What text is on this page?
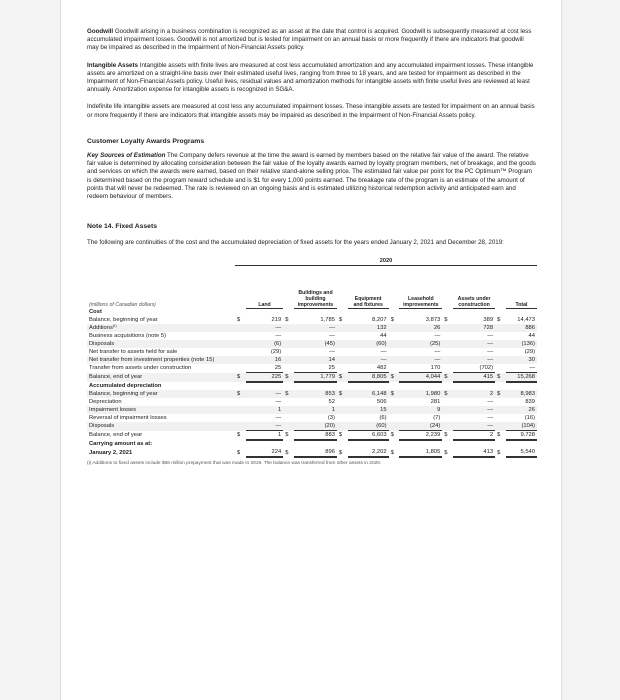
Goodwill Goodwill arising in a business combination is recognized as an asset at the date that control is acquired. Goodwill is subsequently measured at cost less accumulated impairment losses. Goodwill is not amortized but is tested for impairment on an annual basis or more frequently if there are indicators that goodwill may be impaired as described in the Impairment of Non-Financial Assets policy.

Intangible Assets Intangible assets with finite lives are measured at cost less accumulated amortization and any accumulated impairment losses. These intangible assets are amortized on a straight-line basis over their estimated useful lives, ranging from three to 18 years, and are tested for impairment as described in the Impairment of Non-Financial Assets policy. Useful lives, residual values and amortization methods for intangible assets with finite useful lives are reviewed at least annually. Amortization expense for intangible assets is recognized in SG&A.

Indefinite life intangible assets are measured at cost less any accumulated impairment losses. These intangible assets are tested for impairment on an annual basis or more frequently if there are indicators that intangible assets may be impaired as described in the Impairment of Non-Financial Assets policy.

Customer Loyalty Awards Programs

Key Sources of Estimation The Company defers revenue at the time the award is earned by members based on the relative fair value of the award. The relative fair value is determined by allocating consideration between the fair value of the loyalty awards earned by loyalty program members, net of breakage, and the goods and services on which the awards were earned, based on their relative stand-alone selling price. The estimated fair value per point for the PC Optimum™ Program is determined based on the program reward schedule and is $1 for every 1,000 points earned. The breakage rate of the program is an estimate of the amount of points that will never be redeemed. The rate is reviewed on an ongoing basis and is estimated utilizing historical redemption activity and anticipated earn and redeem behaviour of members.

Note 14. Fixed Assets

The following are continuities of the cost and the accumulated depreciation of fixed assets for the years ended January 2, 2021 and December 28, 2019:

	2020											

(millions of Canadian dollars)		Land		Buildings and building improvements		Equipment and fixtures		Leasehold improvements		Assets under construction		Total
Cost												
Balance, beginning of year	$	219	$	1,785	$	8,207	$	3,873	$	389	$	14,473
Additions⁽ⁱ⁾		—		—		132		26		728		886
Business acquisitions (note 5)		—		—		44		—		—		44
Disposals		(6)		(45)		(60)		(25)		—		(136)
Net transfer to assets held for sale		(29)		—		—		—		—		(29)
Net transfer from investment properties (note 15)		16		14		—		—		—		30
Transfer from assets under construction		25		25		482		170		(702)		—
Balance, end of year	$	225	$	1,779	$	8,805	$	4,044	$	415	$	15,268
Accumulated depreciation												
Balance, beginning of year	$	—	$	853	$	6,148	$	1,980	$	2	$	8,983
Depreciation		—		52		506		281		—		839
Impairment losses		1		1		15		9		—		26
Reversal of impairment losses		—		(3)		(6)		(7)		—		(16)
Disposals		—		(20)		(60)		(24)		—		(104)
Balance, end of year	$	1	$	883	$	6,603	$	2,239	$	2	$	9,728
Carrying amount as at:												
January 2, 2021	$	224	$	896	$	2,202	$	1,805	$	413	$	5,540
(i) Additions to fixed assets include $66 million prepayment that was made in 2019. The balance was transferred from other assets in 2020.
